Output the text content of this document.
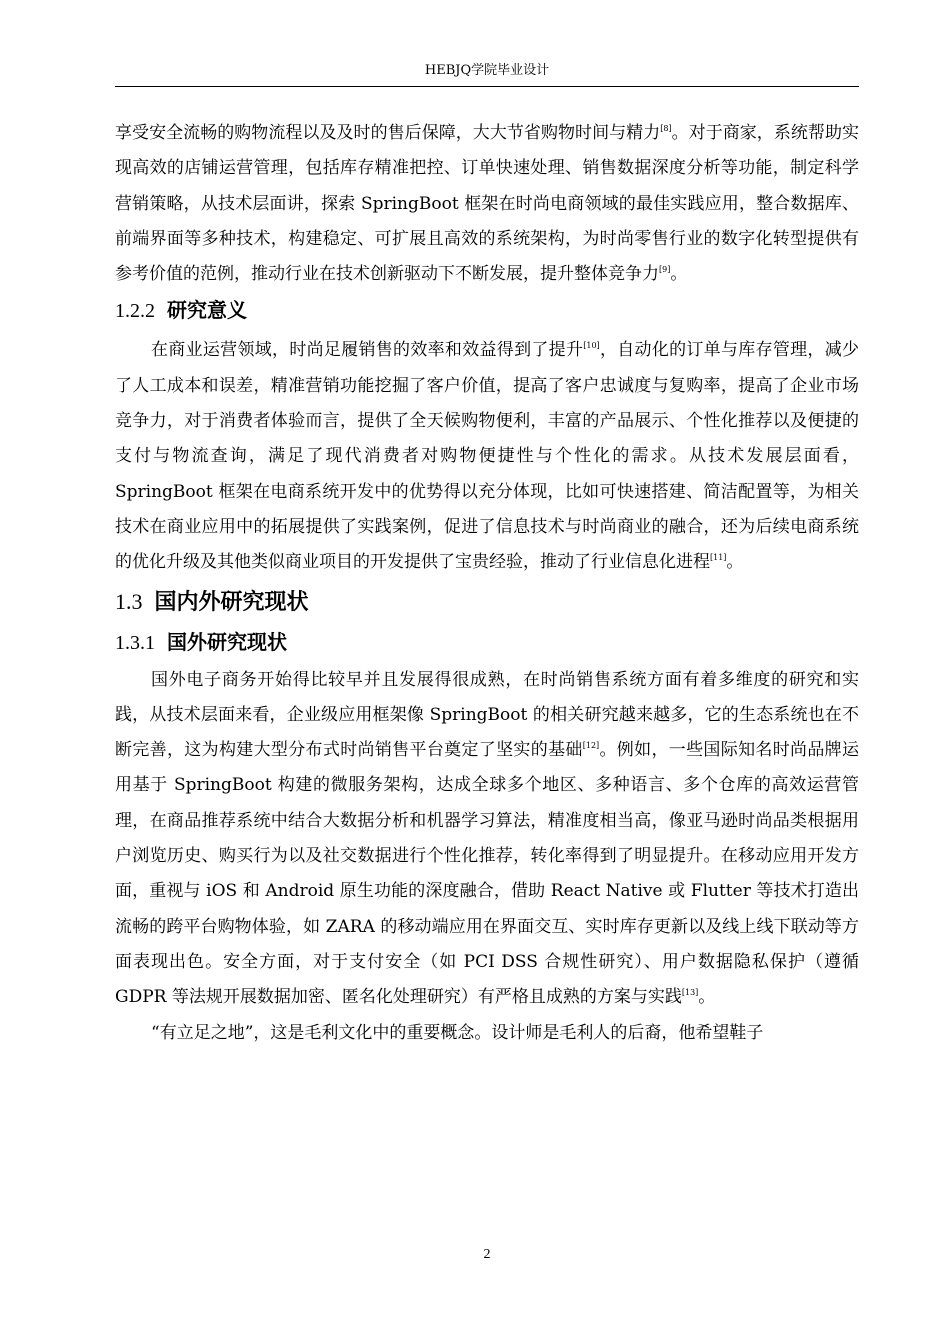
HEBJQ学院毕业设计

享受安全流畅的购物流程以及及时的售后保障，大大节省购物时间与精力[8]。对于商家，系统帮助实现高效的店铺运营管理，包括库存精准把控、订单快速处理、销售数据深度分析等功能，制定科学营销策略，从技术层面讲，探索 SpringBoot 框架在时尚电商领域的最佳实践应用，整合数据库、前端界面等多种技术，构建稳定、可扩展且高效的系统架构，为时尚零售行业的数字化转型提供有参考价值的范例，推动行业在技术创新驱动下不断发展，提升整体竞争力[9]。

1.2.2 研究意义

在商业运营领域，时尚足履销售的效率和效益得到了提升[10]，自动化的订单与库存管理，减少了人工成本和误差，精准营销功能挖掘了客户价值，提高了客户忠诚度与复购率，提高了企业市场竞争力，对于消费者体验而言，提供了全天候购物便利，丰富的产品展示、个性化推荐以及便捷的支付与物流查询，满足了现代消费者对购物便捷性与个性化的需求。从技术发展层面看，SpringBoot 框架在电商系统开发中的优势得以充分体现，比如可快速搭建、简洁配置等，为相关技术在商业应用中的拓展提供了实践案例，促进了信息技术与时尚商业的融合，还为后续电商系统的优化升级及其他类似商业项目的开发提供了宝贵经验，推动了行业信息化进程[11]。

1.3 国内外研究现状
1.3.1 国外研究现状

国外电子商务开始得比较早并且发展得很成熟，在时尚销售系统方面有着多维度的研究和实践，从技术层面来看，企业级应用框架像 SpringBoot 的相关研究越来越多，它的生态系统也在不断完善，这为构建大型分布式时尚销售平台奠定了坚实的基础[12]。例如，一些国际知名时尚品牌运用基于 SpringBoot 构建的微服务架构，达成全球多个地区、多种语言、多个仓库的高效运营管理，在商品推荐系统中结合大数据分析和机器学习算法，精准度相当高，像亚马逊时尚品类根据用户浏览历史、购买行为以及社交数据进行个性化推荐，转化率得到了明显提升。在移动应用开发方面，重视与 iOS 和 Android 原生功能的深度融合，借助 React Native 或 Flutter 等技术打造出流畅的跨平台购物体验，如 ZARA 的移动端应用在界面交互、实时库存更新以及线上线下联动等方面表现出色。安全方面，对于支付安全（如 PCI DSS 合规性研究）、用户数据隐私保护（遵循 GDPR 等法规开展数据加密、匿名化处理研究）有严格且成熟的方案与实践[13]。

“有立足之地”，这是毛利文化中的重要概念。设计师是毛利人的后裔，他希望鞋子

2
